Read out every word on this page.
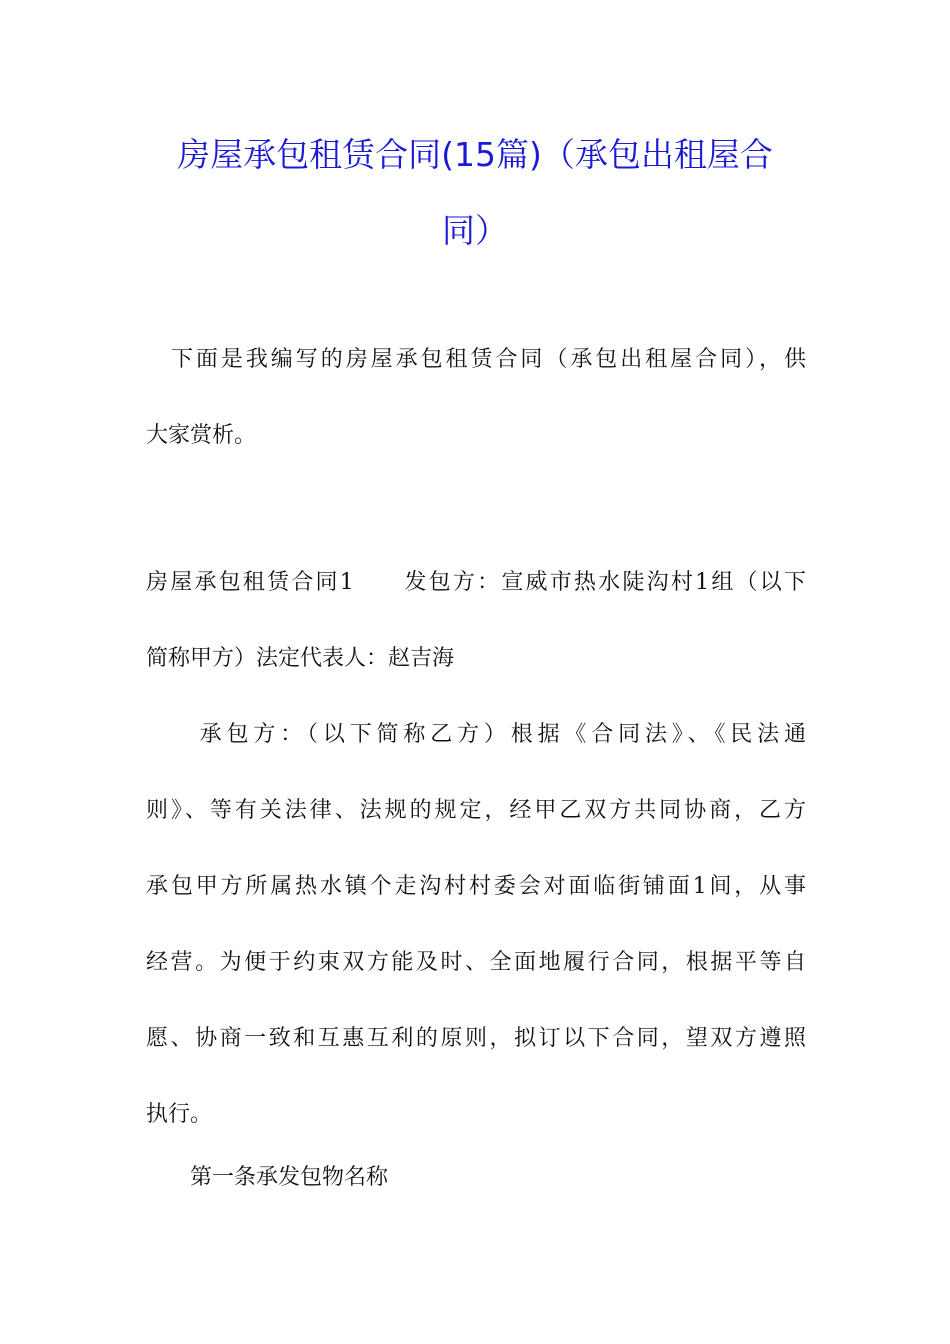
房屋承包租赁合同(15篇)（承包出租屋合
同）
　下面是我编写的房屋承包租赁合同（承包出租屋合同），供
大家赏析。
房屋承包租赁合同1　　发包方：宣威市热水陡沟村1组（以下
简称甲方）法定代表人：赵吉海
　　承包方：（以下简称乙方）根据《合同法》、《民法通
则》、等有关法律、法规的规定，经甲乙双方共同协商，乙方
承包甲方所属热水镇个走沟村村委会对面临街铺面1间，从事
经营。为便于约束双方能及时、全面地履行合同，根据平等自
愿、协商一致和互惠互利的原则，拟订以下合同，望双方遵照
执行。
　　第一条承发包物名称
